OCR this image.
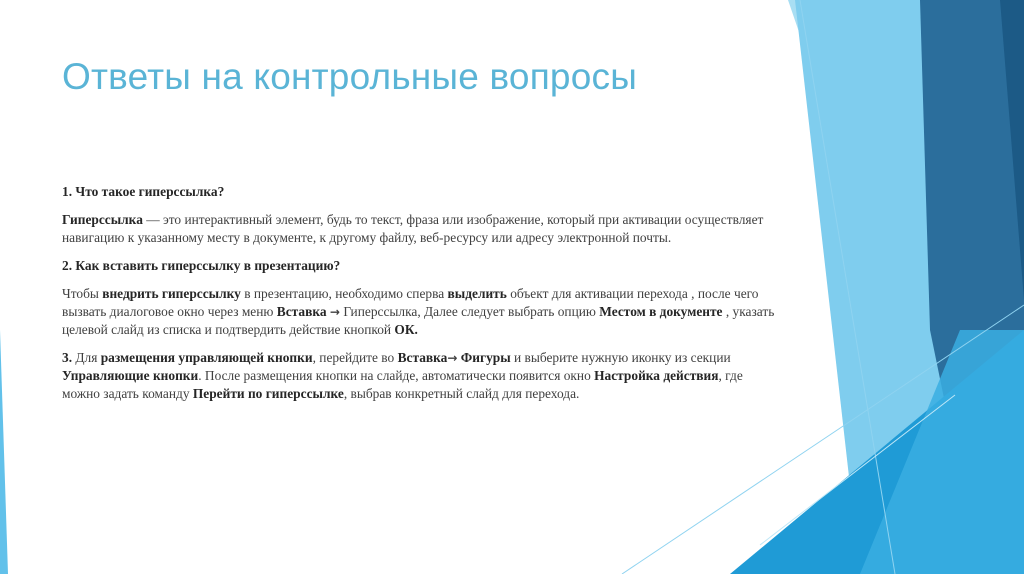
Ответы на контрольные вопросы

1. Что такое гиперссылка?

Гиперссылка — это интерактивный элемент, будь то текст, фраза или изображение, который при активации осуществляет навигацию к указанному месту в документе, к другому файлу, веб-ресурсу или адресу электронной почты.

2. Как вставить гиперссылку в презентацию?

Чтобы внедрить гиперссылку в презентацию, необходимо сперва выделить объект для активации перехода , после чего вызвать диалоговое окно через меню Вставка → Гиперссылка, Далее следует выбрать опцию Местом в документе , указать целевой слайд из списка и подтвердить действие кнопкой ОК.

3. Для размещения управляющей кнопки, перейдите во Вставка→ Фигуры и выберите нужную иконку из секции Управляющие кнопки. После размещения кнопки на слайде, автоматически появится окно Настройка действия, где можно задать команду Перейти по гиперссылке, выбрав конкретный слайд для перехода.
